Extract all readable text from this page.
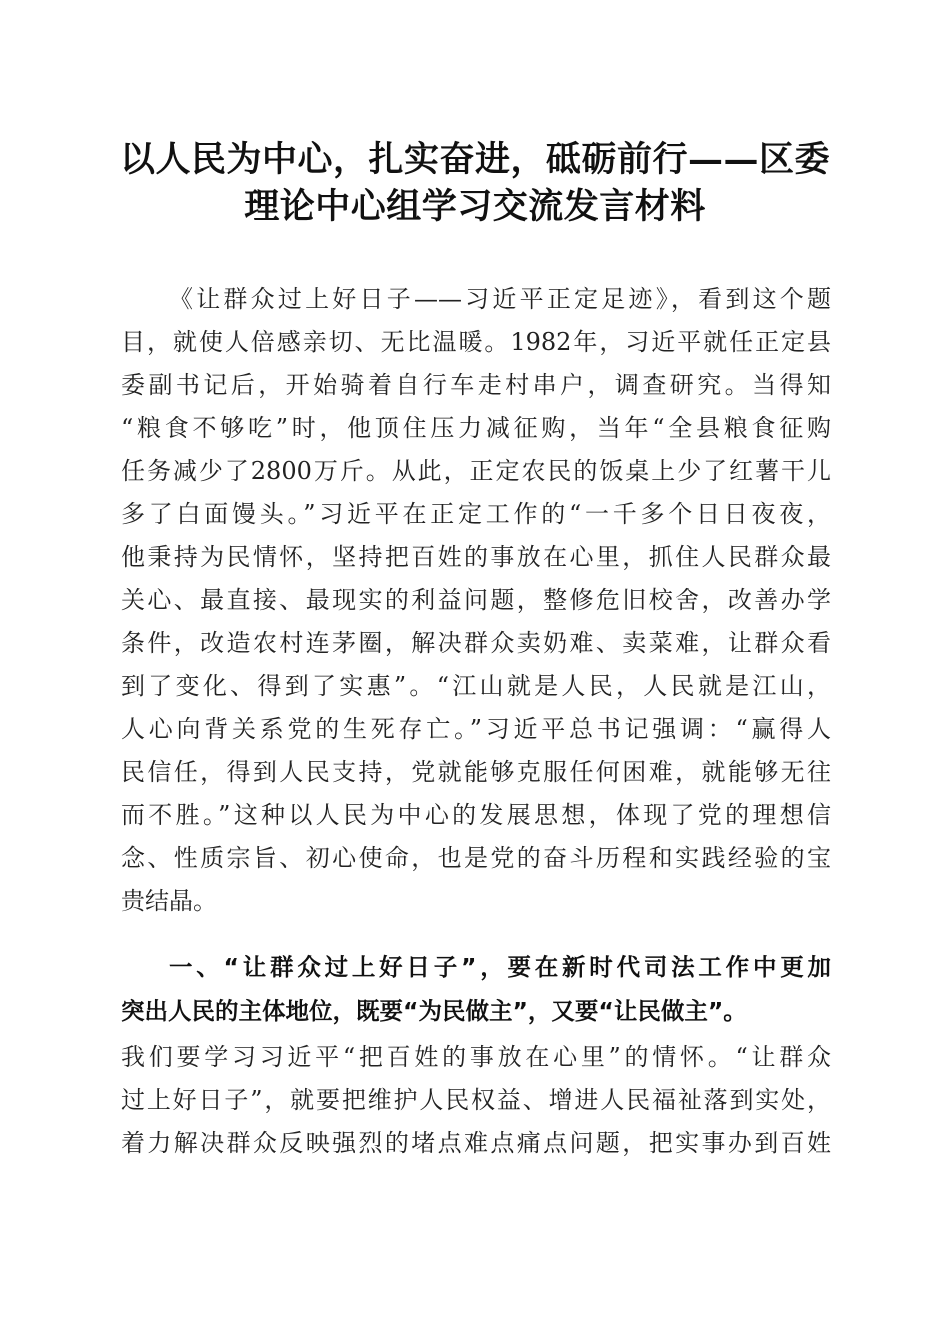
以人民为中心，扎实奋进，砥砺前行——区委
理论中心组学习交流发言材料
《让群众过上好日子——习近平正定足迹》，看到这个题
目，就使人倍感亲切、无比温暖。1982年，习近平就任正定县
委副书记后，开始骑着自行车走村串户，调查研究。当得知
“粮食不够吃”时，他顶住压力减征购，当年“全县粮食征购
任务减少了2800万斤。从此，正定农民的饭桌上少了红薯干儿
多了白面馒头。”习近平在正定工作的“一千多个日日夜夜，
他秉持为民情怀，坚持把百姓的事放在心里，抓住人民群众最
关心、最直接、最现实的利益问题，整修危旧校舍，改善办学
条件，改造农村连茅圈，解决群众卖奶难、卖菜难，让群众看
到了变化、得到了实惠”。“江山就是人民，人民就是江山，
人心向背关系党的生死存亡。”习近平总书记强调：“赢得人
民信任，得到人民支持，党就能够克服任何困难，就能够无往
而不胜。”这种以人民为中心的发展思想，体现了党的理想信
念、性质宗旨、初心使命，也是党的奋斗历程和实践经验的宝
贵结晶。
一、“让群众过上好日子”，要在新时代司法工作中更加
突出人民的主体地位，既要“为民做主”，又要“让民做主”。
我们要学习习近平“把百姓的事放在心里”的情怀。“让群众
过上好日子”，就要把维护人民权益、增进人民福祉落到实处，
着力解决群众反映强烈的堵点难点痛点问题，把实事办到百姓
